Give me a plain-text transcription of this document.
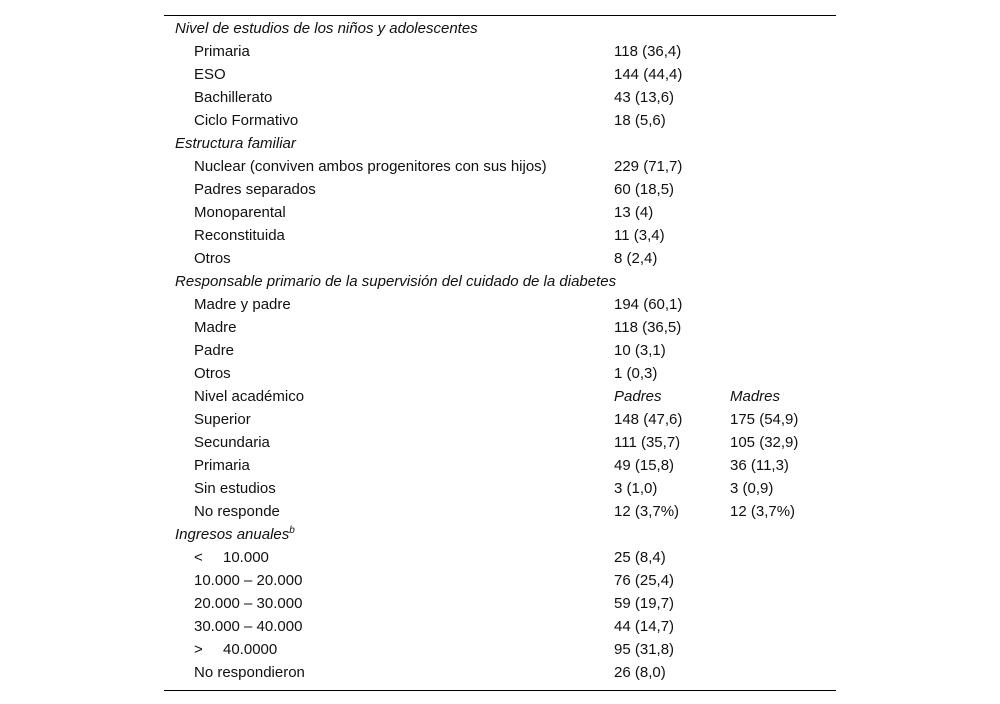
Nivel de estudios de los niños y adolescentes
Primaria	118 (36,4)
ESO	144 (44,4)
Bachillerato	43 (13,6)
Ciclo Formativo	18 (5,6)
Estructura familiar
Nuclear (conviven ambos progenitores con sus hijos)	229 (71,7)
Padres separados	60 (18,5)
Monoparental	13 (4)
Reconstituida	11 (3,4)
Otros	8 (2,4)
Responsable primario de la supervisión del cuidado de la diabetes
Madre y padre	194 (60,1)
Madre	118 (36,5)
Padre	10 (3,1)
Otros	1 (0,3)
Nivel académico	Padres	Madres
Superior	148 (47,6)	175 (54,9)
Secundaria	111 (35,7)	105 (32,9)
Primaria	49 (15,8)	36 (11,3)
Sin estudios	3 (1,0)	3 (0,9)
No responde	12 (3,7%)	12 (3,7%)
Ingresos anuales$^b$
< 10.000	25 (8,4)
10.000 – 20.000	76 (25,4)
20.000 – 30.000	59 (19,7)
30.000 – 40.000	44 (14,7)
> 40.0000	95 (31,8)
No respondieron	26 (8,0)
